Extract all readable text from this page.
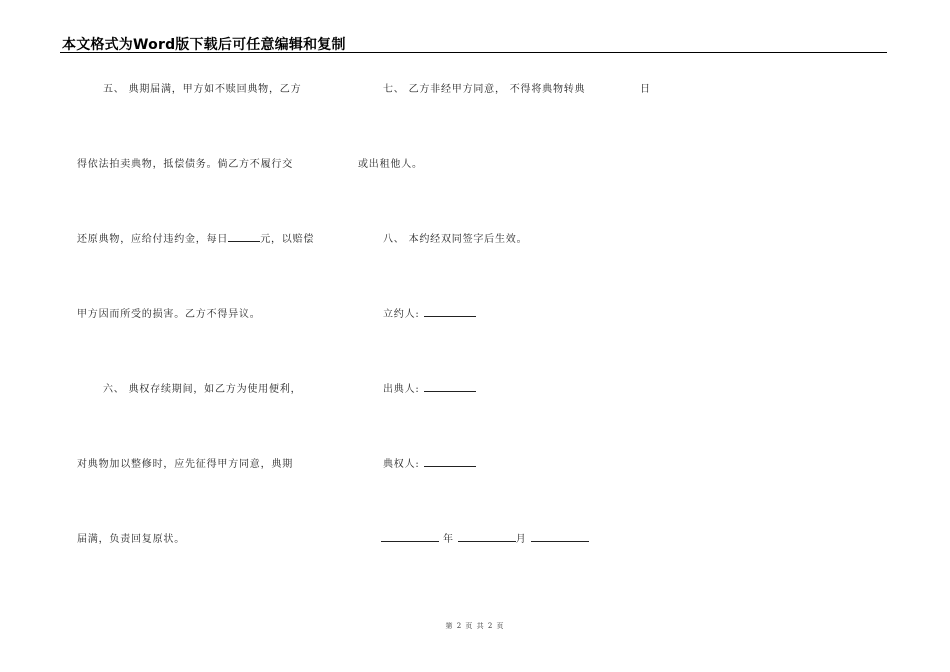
本文格式为Word版下载后可任意编辑和复制
五、 典期届满，甲方如不赎回典物，乙方
得依法拍卖典物，抵偿债务。倘乙方不履行交
还原典物，应给付违约金，每日	元，以赔偿
甲方因而所受的损害。乙方不得异议。
六、 典权存续期间，如乙方为使用便利，
对典物加以整修时，应先征得甲方同意，典期
届满，负责回复原状。
七、 乙方非经甲方同意， 不得将典物转典	日
或出租他人。
八、 本约经双同签字后生效。
立约人:
出典人:
典权人:
年	月
第 2 页 共 2 页
